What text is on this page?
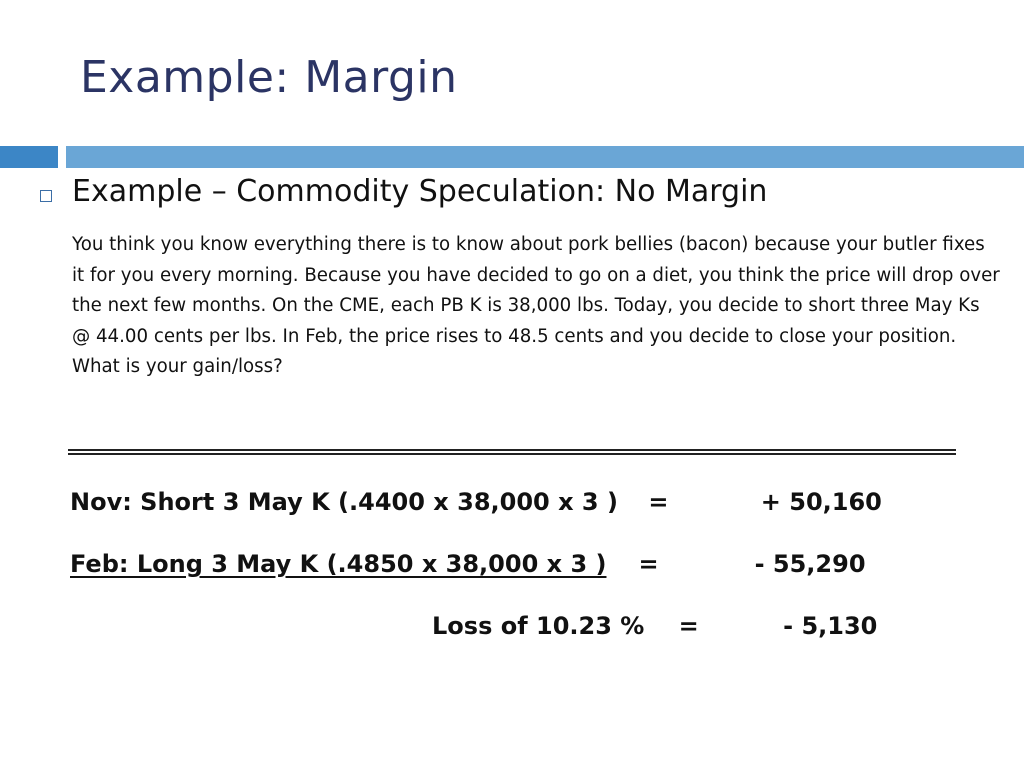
Example: Margin
Example – Commodity Speculation: No Margin
You think you know everything there is to know about pork bellies (bacon) because your butler fixes it for you every morning. Because you have decided to go on a diet, you think the price will drop over the next few months. On the CME, each PB K is 38,000 lbs. Today, you decide to short three May Ks @ 44.00 cents per lbs. In Feb, the price rises to 48.5 cents and you decide to close your position. What is your gain/loss?
Nov: Short 3 May K (.4400 x 38,000 x 3 ) =	+ 50,160
Feb: Long 3 May K (.4850 x 38,000 x 3 ) =	- 55,290
Loss of 10.23 % =	- 5,130
